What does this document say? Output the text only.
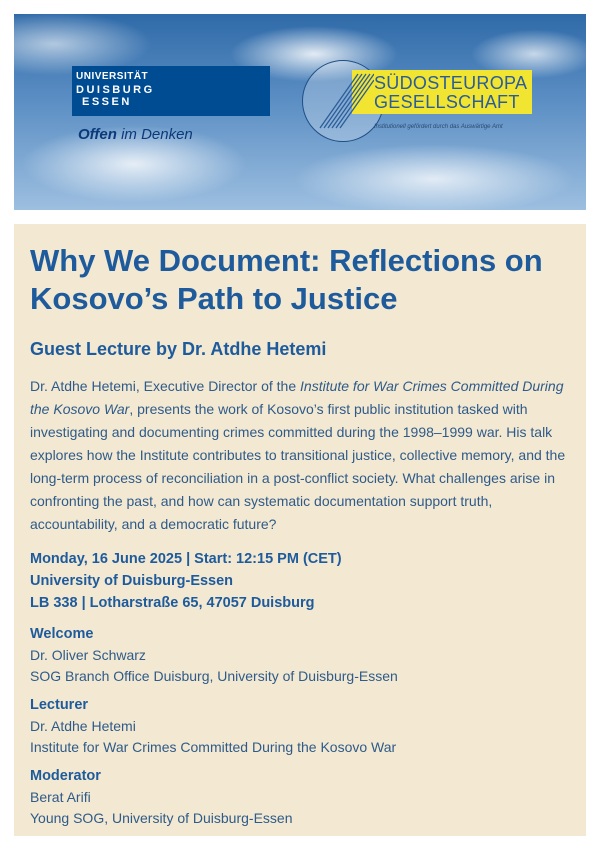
UNIVERSITÄT
DUISBURG
ESSEN
Offen im Denken
SÜDOSTEUROPA
GESELLSCHAFT
Institutionell gefördert durch das Auswärtige Amt
Why We Document: Reflections on Kosovo’s Path to Justice
Guest Lecture by Dr. Atdhe Hetemi

Dr. Atdhe Hetemi, Executive Director of the Institute for War Crimes Committed During the Kosovo War, presents the work of Kosovo’s first public institution tasked with investigating and documenting crimes committed during the 1998–1999 war. His talk explores how the Institute contributes to transitional justice, collective memory, and the long-term process of reconciliation in a post-conflict society. What challenges arise in confronting the past, and how can systematic documentation support truth, accountability, and a democratic future?

Monday, 16 June 2025 | Start: 12:15 PM (CET)
University of Duisburg-Essen
LB 338 | Lotharstraße 65, 47057 Duisburg
Welcome
Dr. Oliver Schwarz
SOG Branch Office Duisburg, University of Duisburg-Essen
Lecturer
Dr. Atdhe Hetemi
Institute for War Crimes Committed During the Kosovo War
Moderator
Berat Arifi
Young SOG, University of Duisburg-Essen
